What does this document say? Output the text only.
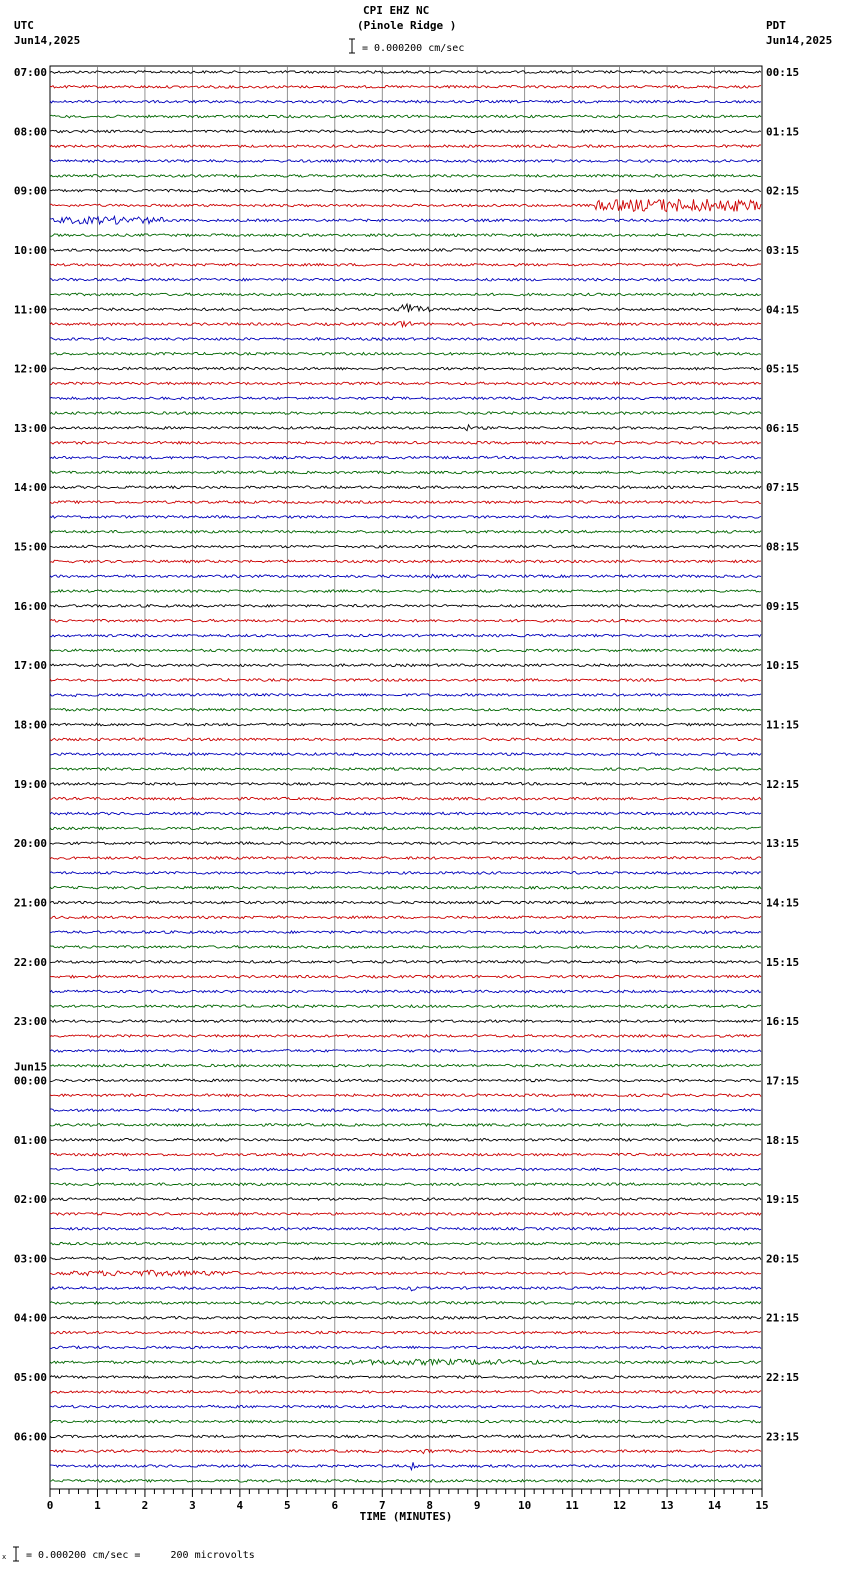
CPI EHZ NC
(Pinole Ridge )
UTC
Jun14,2025
PDT
Jun14,2025

= 0.000200 cm/sec

07:00	00:15
08:00	01:15
09:00	02:15
10:00	03:15
11:00	04:15
12:00	05:15
13:00	06:15
14:00	07:15
15:00	08:15
16:00	09:15
17:00	10:15
18:00	11:15
19:00	12:15
20:00	13:15
21:00	14:15
22:00	15:15
23:00	16:15
00:00	17:15
01:00	18:15
02:00	19:15
03:00	20:15
04:00	21:15
05:00	22:15
06:00	23:15
Jun15
0	1	2	3	4	5	6	7	8	9	10	11	12	13	14	15
TIME (MINUTES)

x

= 0.000200 cm/sec =     200 microvolts
